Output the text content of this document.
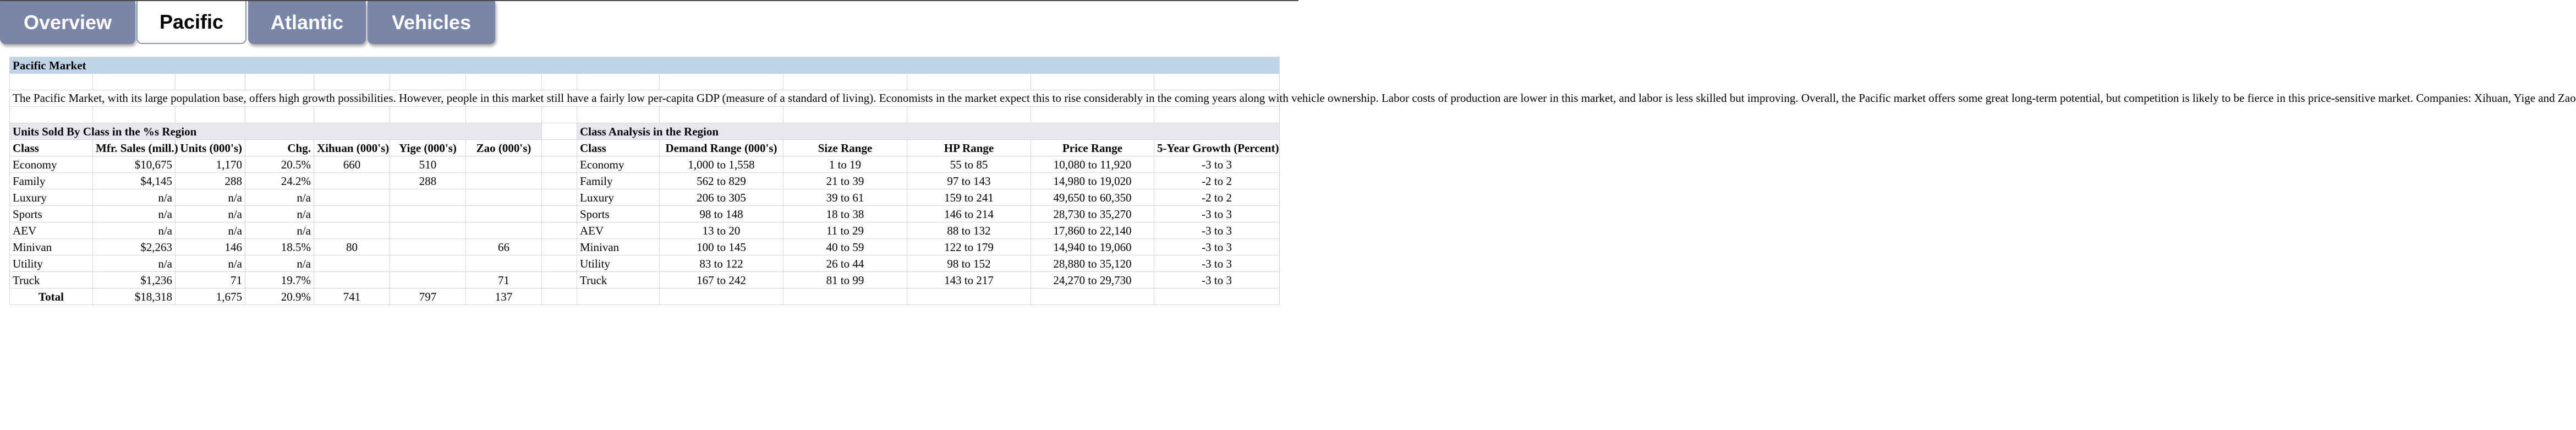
Overview	Pacific	Atlantic	Vehicles
Pacific Market													

The Pacific Market, with its large population base, offers high growth possibilities. However, people in this market still have a fairly low per-capita GDP (measure of a standard of living). Economists in the market expect this to rise considerably in the coming years along with vehicle ownership. Labor costs of production are lower in this market, and labor is less skilled but improving. Overall, the Pacific market offers some great long-term potential, but competition is likely to be fierce in this price-sensitive market. Companies: Xihuan, Yige and Zao													

Units Sold By Class in the %s Region								Class Analysis in the Region					
Class	Mfr. Sales (mill.)	Units (000's)	Chg.	Xihuan (000's)	Yige (000's)	Zao (000's)		Class	Demand Range (000's)	Size Range	HP Range	Price Range	5-Year Growth (Percent)
Economy	$10,675	1,170	20.5%	660	510			Economy	1,000 to 1,558	1 to 19	55 to 85	10,080 to 11,920	-3 to 3
Family	$4,145	288	24.2%		288			Family	562 to 829	21 to 39	97 to 143	14,980 to 19,020	-2 to 2
Luxury	n/a	n/a	n/a					Luxury	206 to 305	39 to 61	159 to 241	49,650 to 60,350	-2 to 2
Sports	n/a	n/a	n/a					Sports	98 to 148	18 to 38	146 to 214	28,730 to 35,270	-3 to 3
AEV	n/a	n/a	n/a					AEV	13 to 20	11 to 29	88 to 132	17,860 to 22,140	-3 to 3
Minivan	$2,263	146	18.5%	80		66		Minivan	100 to 145	40 to 59	122 to 179	14,940 to 19,060	-3 to 3
Utility	n/a	n/a	n/a					Utility	83 to 122	26 to 44	98 to 152	28,880 to 35,120	-3 to 3
Truck	$1,236	71	19.7%			71		Truck	167 to 242	81 to 99	143 to 217	24,270 to 29,730	-3 to 3
Total	$18,318	1,675	20.9%	741	797	137							
